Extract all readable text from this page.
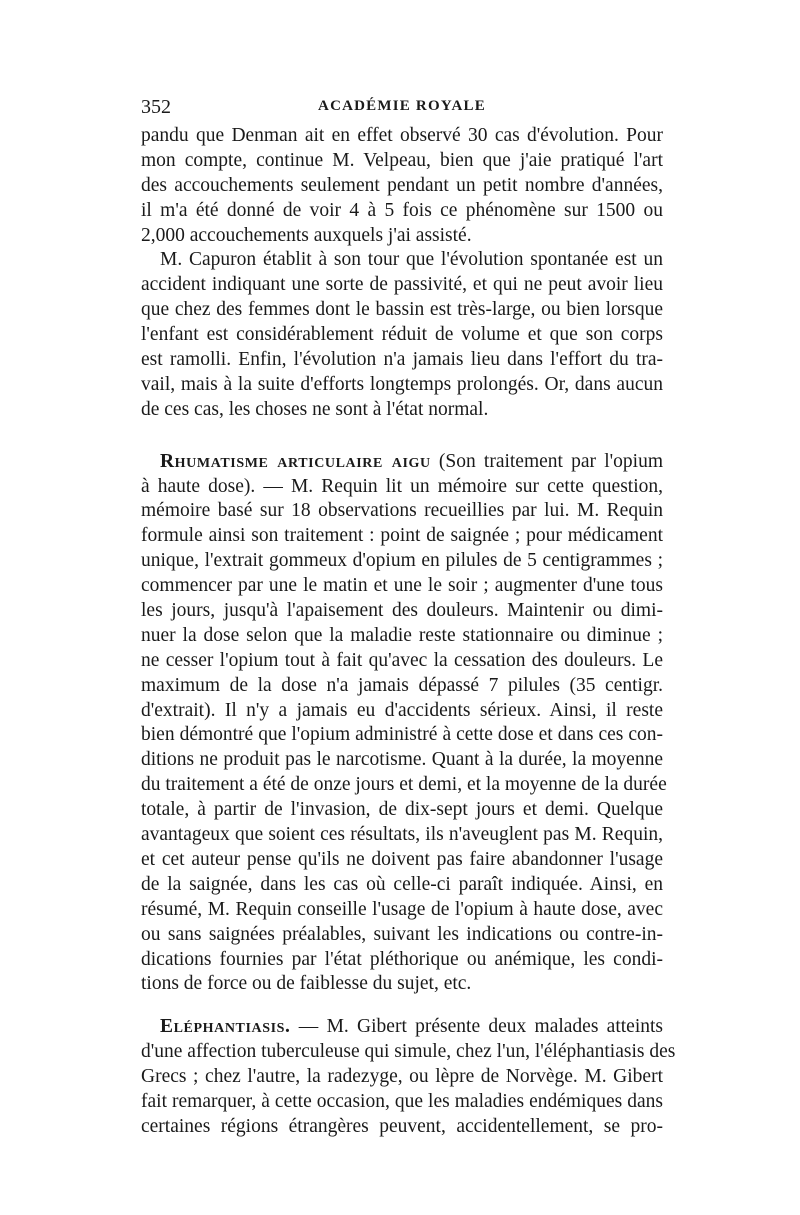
352	ACADÉMIE ROYALE
pandu que Denman ait en effet observé 30 cas d'évolution. Pour
mon compte, continue M. Velpeau, bien que j'aie pratiqué l'art
des accouchements seulement pendant un petit nombre d'années,
il m'a été donné de voir 4 à 5 fois ce phénomène sur 1500 ou
2,000 accouchements auxquels j'ai assisté.
M. Capuron établit à son tour que l'évolution spontanée est un
accident indiquant une sorte de passivité, et qui ne peut avoir lieu
que chez des femmes dont le bassin est très-large, ou bien lorsque
l'enfant est considérablement réduit de volume et que son corps
est ramolli. Enfin, l'évolution n'a jamais lieu dans l'effort du tra-
vail, mais à la suite d'efforts longtemps prolongés. Or, dans aucun
de ces cas, les choses ne sont à l'état normal.
Rhumatisme articulaire aigu (Son traitement par l'opium
à haute dose). — M. Requin lit un mémoire sur cette question,
mémoire basé sur 18 observations recueillies par lui. M. Requin
formule ainsi son traitement : point de saignée ; pour médicament
unique, l'extrait gommeux d'opium en pilules de 5 centigrammes ;
commencer par une le matin et une le soir ; augmenter d'une tous
les jours, jusqu'à l'apaisement des douleurs. Maintenir ou dimi-
nuer la dose selon que la maladie reste stationnaire ou diminue ;
ne cesser l'opium tout à fait qu'avec la cessation des douleurs. Le
maximum de la dose n'a jamais dépassé 7 pilules (35 centigr.
d'extrait). Il n'y a jamais eu d'accidents sérieux. Ainsi, il reste
bien démontré que l'opium administré à cette dose et dans ces con-
ditions ne produit pas le narcotisme. Quant à la durée, la moyenne
du traitement a été de onze jours et demi, et la moyenne de la durée
totale, à partir de l'invasion, de dix-sept jours et demi. Quelque
avantageux que soient ces résultats, ils n'aveuglent pas M. Requin,
et cet auteur pense qu'ils ne doivent pas faire abandonner l'usage
de la saignée, dans les cas où celle-ci paraît indiquée. Ainsi, en
résumé, M. Requin conseille l'usage de l'opium à haute dose, avec
ou sans saignées préalables, suivant les indications ou contre-in-
dications fournies par l'état pléthorique ou anémique, les condi-
tions de force ou de faiblesse du sujet, etc.
Eléphantiasis. — M. Gibert présente deux malades atteints
d'une affection tuberculeuse qui simule, chez l'un, l'éléphantiasis des
Grecs ; chez l'autre, la radezyge, ou lèpre de Norvège. M. Gibert
fait remarquer, à cette occasion, que les maladies endémiques dans
certaines régions étrangères peuvent, accidentellement, se pro-
